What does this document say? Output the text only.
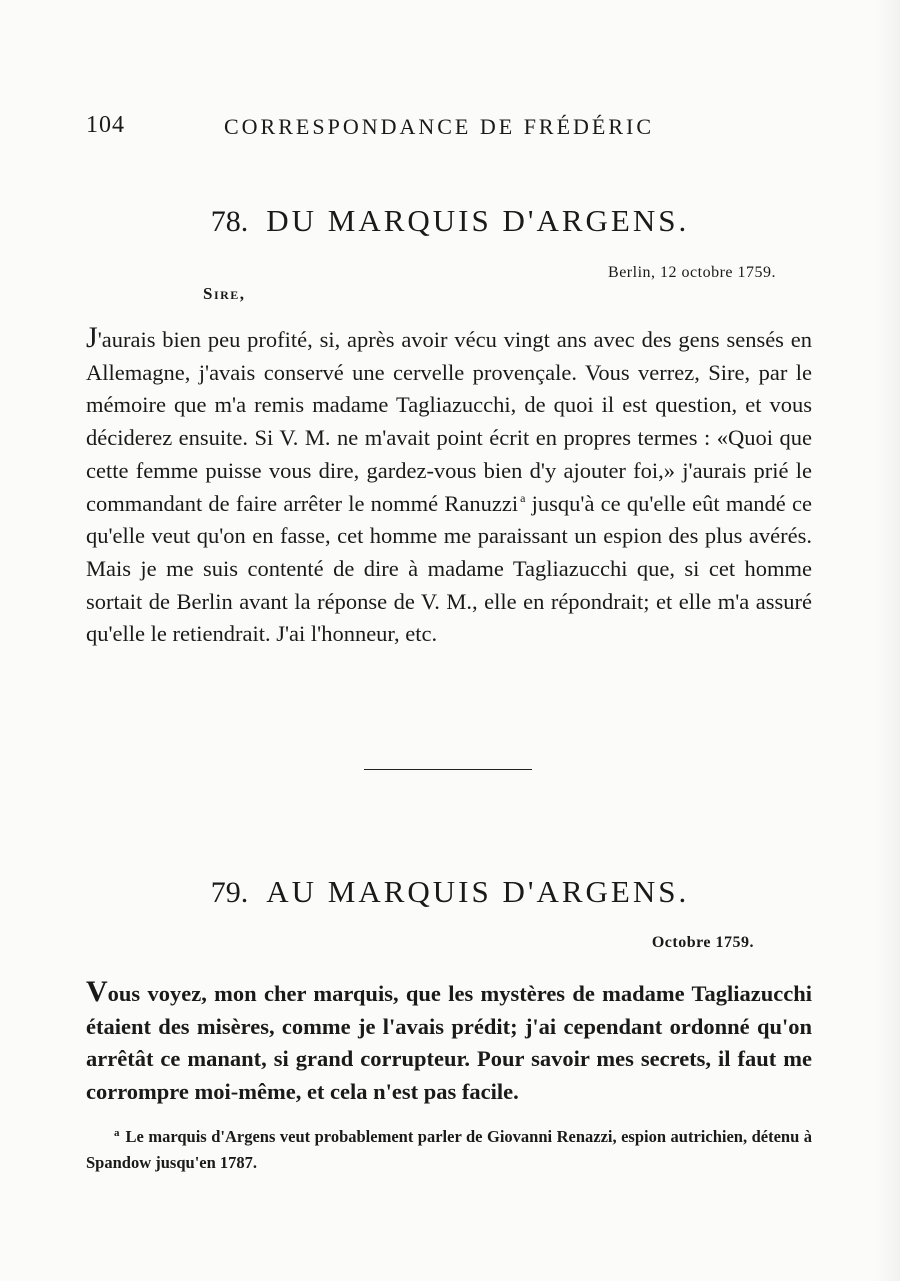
104	CORRESPONDANCE DE FRÉDÉRIC
78. DU MARQUIS D'ARGENS.
Berlin, 12 octobre 1759.
Sire,
J'aurais bien peu profité, si, après avoir vécu vingt ans avec des gens sensés en Allemagne, j'avais conservé une cervelle provençale. Vous verrez, Sire, par le mémoire que m'a remis madame Tagliazucchi, de quoi il est question, et vous déciderez ensuite. Si V. M. ne m'avait point écrit en propres termes : «Quoi que cette femme puisse vous dire, gardez-vous bien d'y ajouter foi,» j'aurais prié le commandant de faire arrêter le nommé Ranuzzi $^a$ jusqu'à ce qu'elle eût mandé ce qu'elle veut qu'on en fasse, cet homme me paraissant un espion des plus avérés. Mais je me suis contenté de dire à madame Tagliazucchi que, si cet homme sortait de Berlin avant la réponse de V. M., elle en répondrait; et elle m'a assuré qu'elle le retiendrait. J'ai l'honneur, etc.
79. AU MARQUIS D'ARGENS.
Octobre 1759.
Vous voyez, mon cher marquis, que les mystères de madame Tagliazucchi étaient des misères, comme je l'avais prédit; j'ai cependant ordonné qu'on arrêtât ce manant, si grand corrupteur. Pour savoir mes secrets, il faut me corrompre moi-même, et cela n'est pas facile.
$^a$ Le marquis d'Argens veut probablement parler de Giovanni Renazzi, espion autrichien, détenu à Spandow jusqu'en 1787.
